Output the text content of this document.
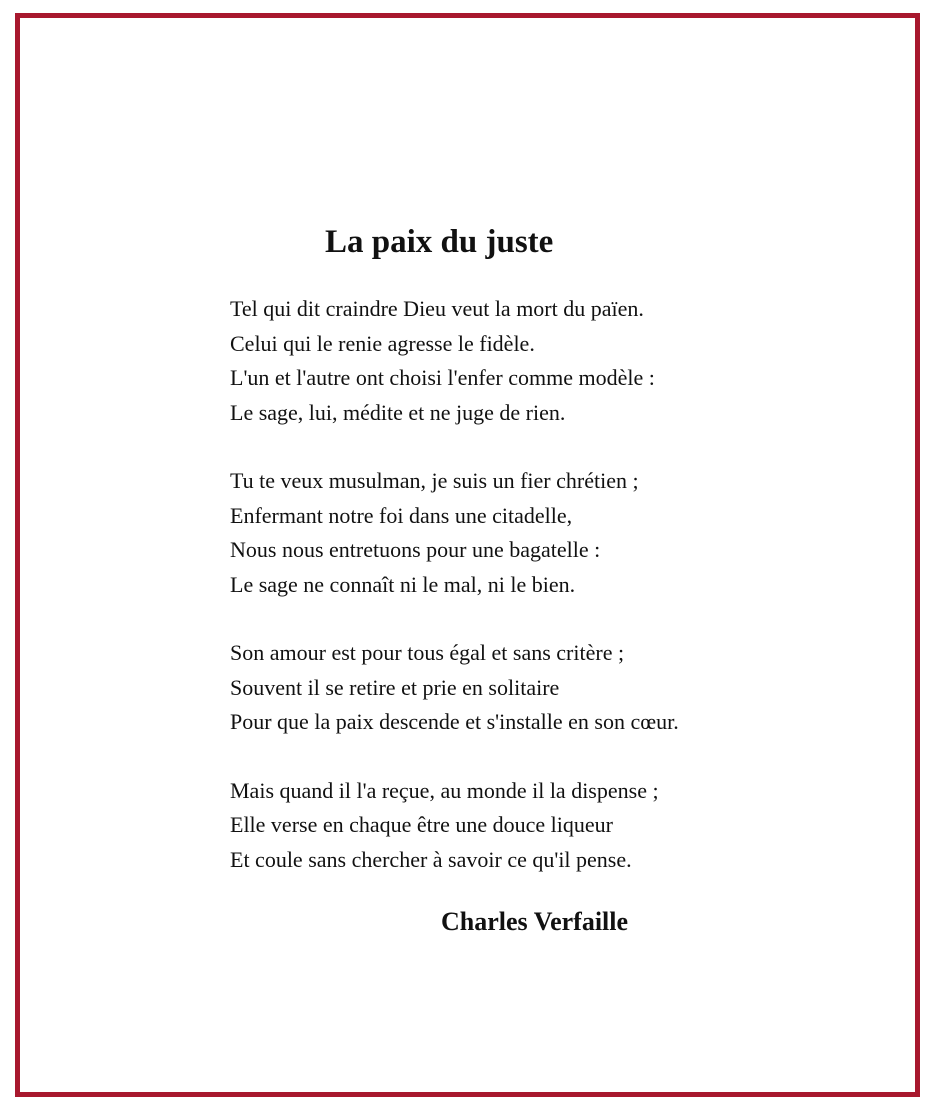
La paix du juste
Tel qui dit craindre Dieu veut la mort du païen.
Celui qui le renie agresse le fidèle.
L'un et l'autre ont choisi l'enfer comme modèle :
Le sage, lui, médite et ne juge de rien.
Tu te veux musulman, je suis un fier chrétien ;
Enfermant notre foi dans une citadelle,
Nous nous entretuons pour une bagatelle :
Le sage ne connaît ni le mal, ni le bien.
Son amour est pour tous égal et sans critère ;
Souvent il se retire et prie en solitaire
Pour que la paix descende et s'installe en son cœur.
Mais quand il l'a reçue, au monde il la dispense ;
Elle verse en chaque être une douce liqueur
Et coule sans chercher à savoir ce qu'il pense.
Charles Verfaille
